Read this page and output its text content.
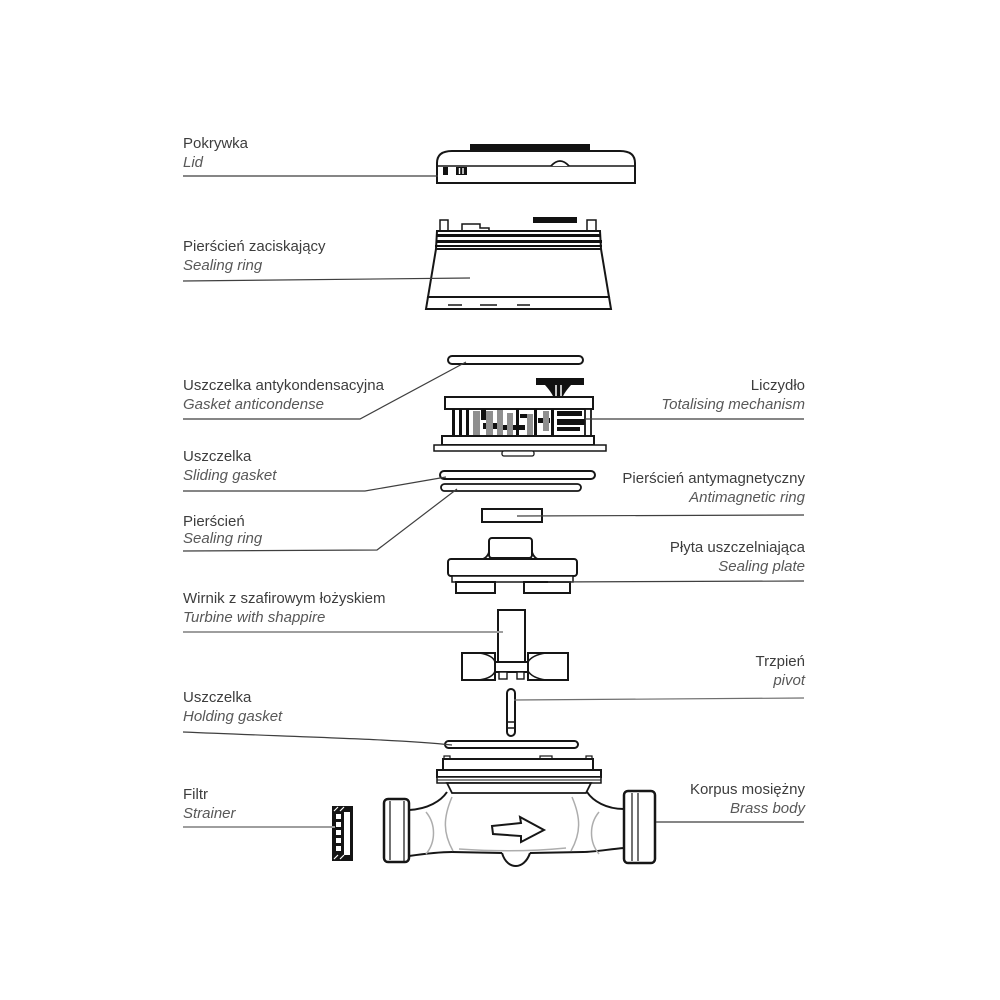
Pokrywka
Lid
Pierścień zaciskający
Sealing ring
Uszczelka antykondensacyjna
Gasket anticondense
Liczydło
Totalising mechanism
Uszczelka
Sliding gasket	Pierścień antymagnetyczny
Antimagnetic ring
Pierścień
Sealing ring
Płyta uszczelniająca
Sealing plate
Wirnik z szafirowym łożyskiem
Turbine with shappire
Trzpień
pivot
Uszczelka
Holding gasket
Filtr
Strainer
Korpus mosiężny
Brass body
